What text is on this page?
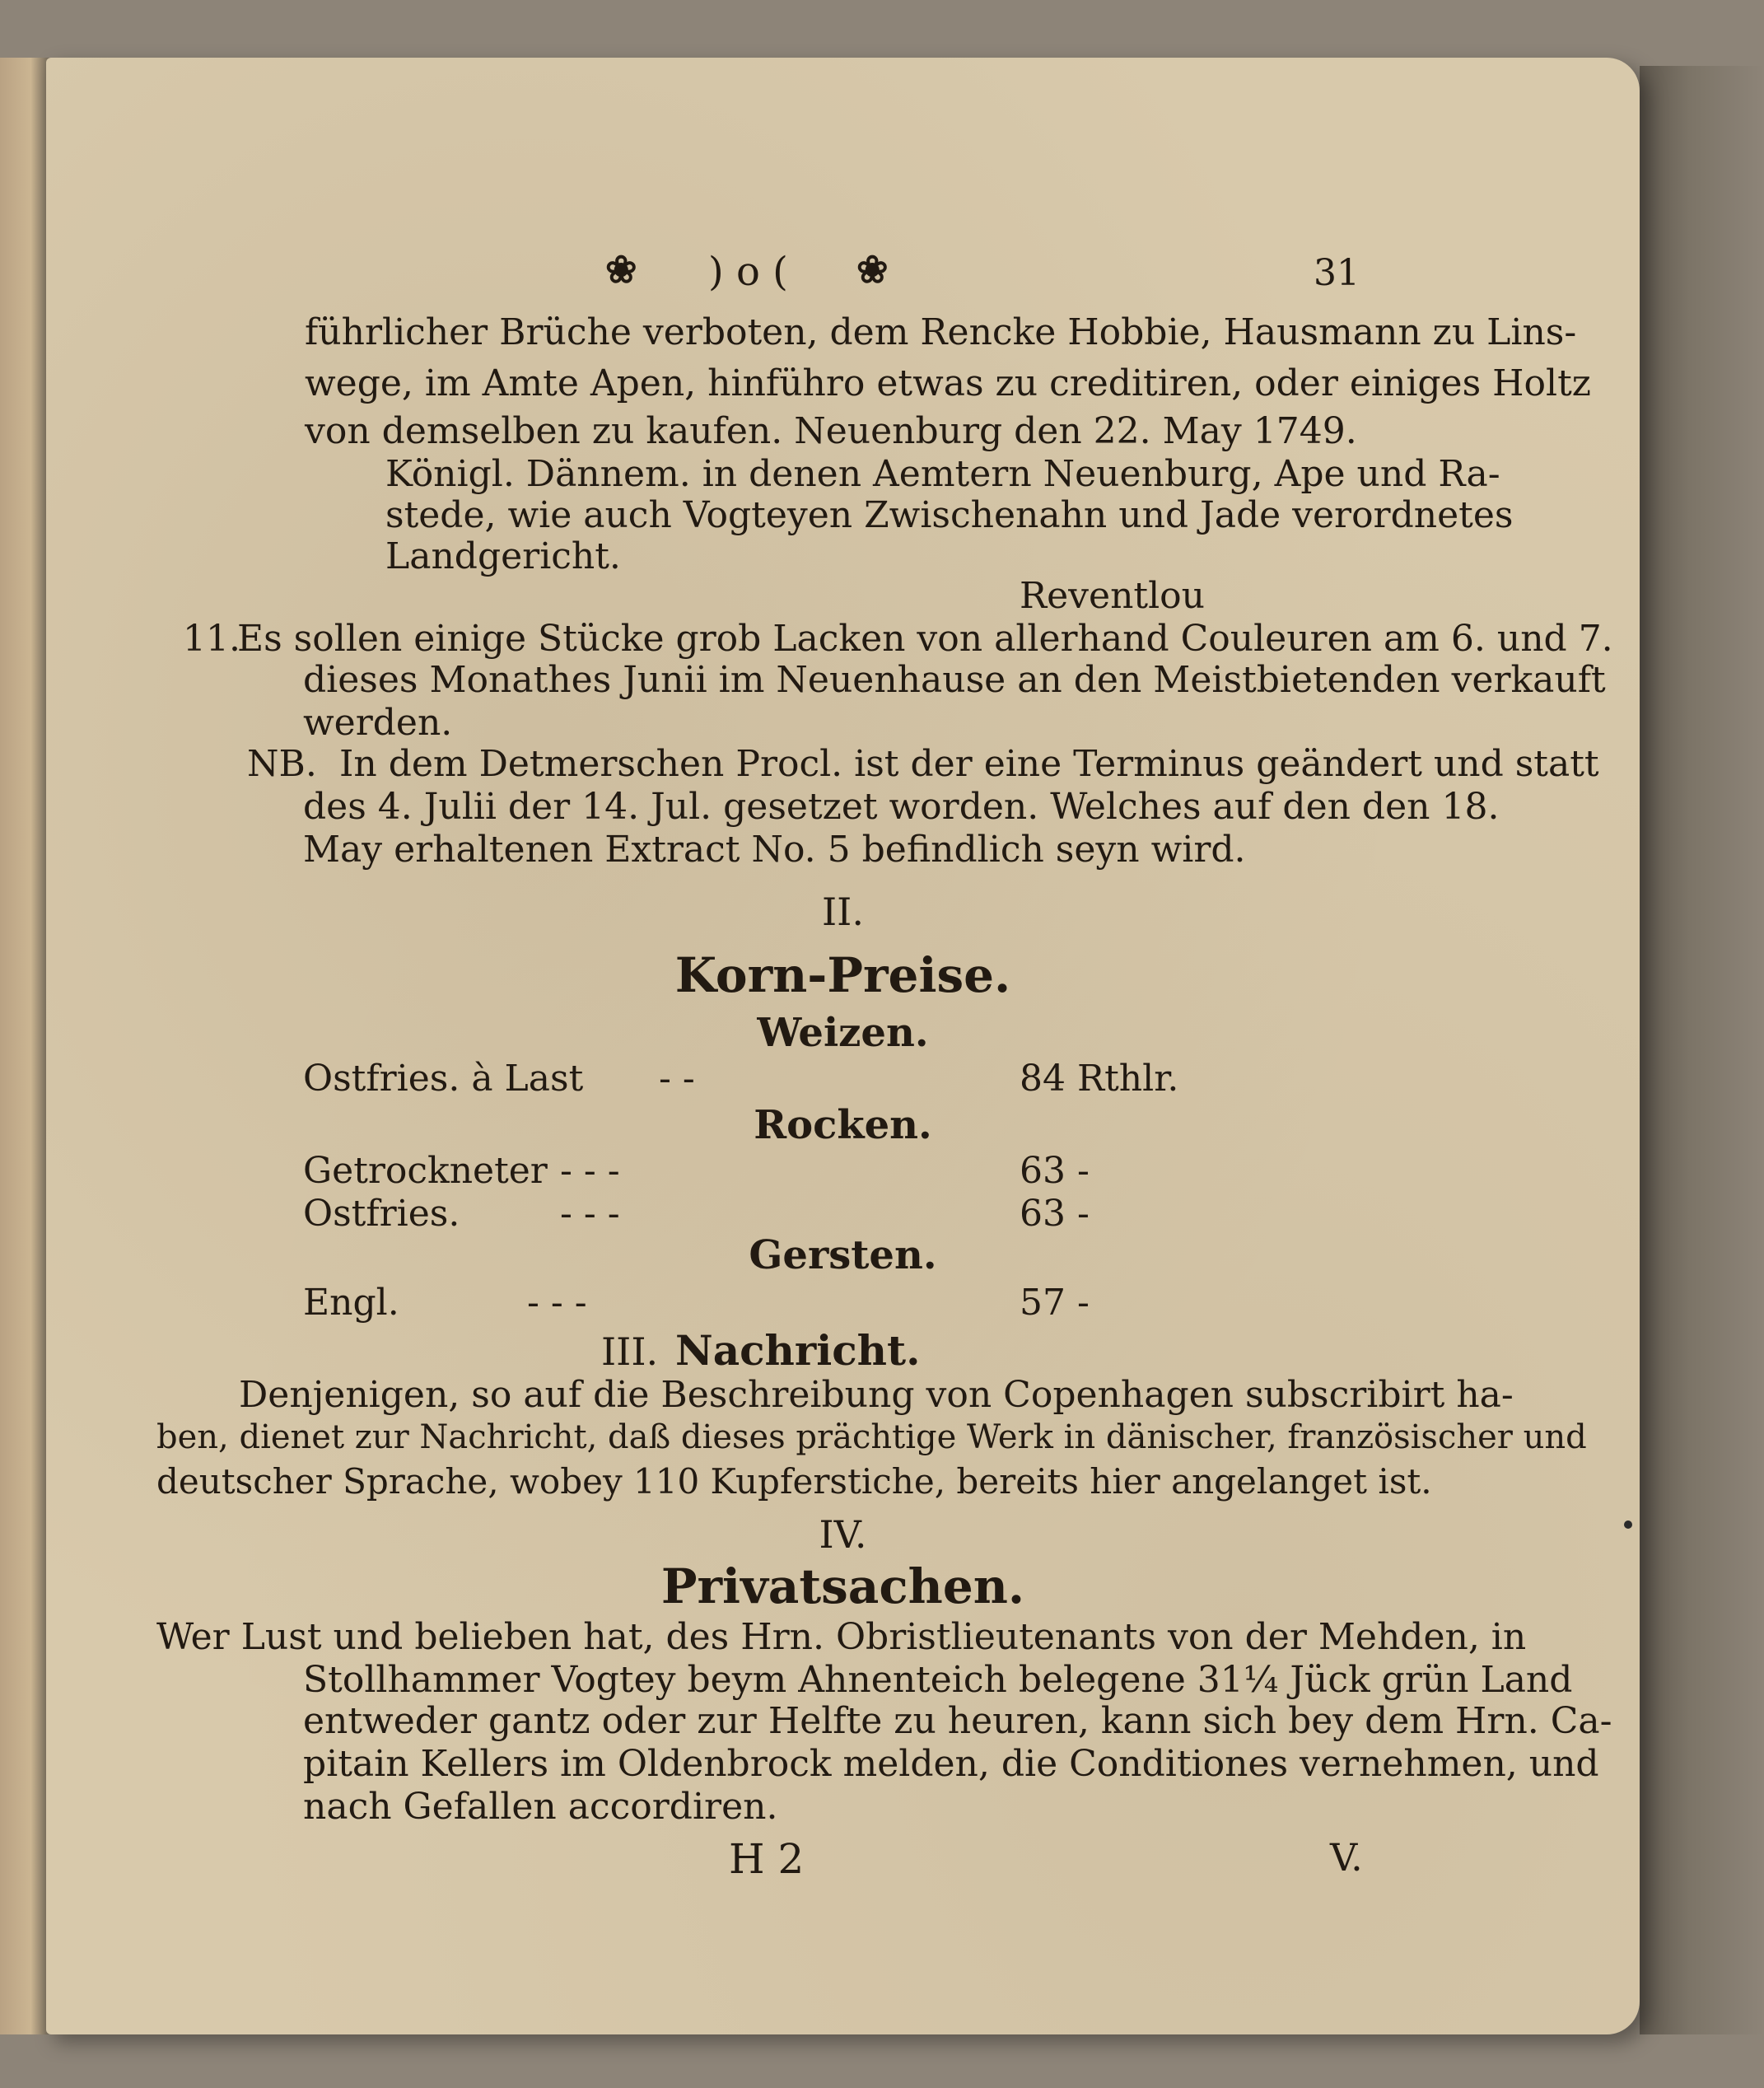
❀ ) o ( ❀	31
führlicher Brüche verboten, dem Rencke Hobbie, Hausmann zu Lins-
wege, im Amte Apen, hinführo etwas zu creditiren, oder einiges Holtz
von demselben zu kaufen. Neuenburg den 22. May 1749.
Königl. Dännem. in denen Aemtern Neuenburg, Ape und Ra-
stede, wie auch Vogteyen Zwischenahn und Jade verordnetes
Landgericht.
Reventlou
11.
Es sollen einige Stücke grob Lacken von allerhand Couleuren am 6. und 7.
dieses Monathes Junii im Neuenhause an den Meistbietenden verkauft
werden.
NB. In dem Detmerschen Procl. ist der eine Terminus geändert und statt
des 4. Julii der 14. Jul. gesetzet worden. Welches auf den den 18.
May erhaltenen Extract No. 5 befindlich seyn wird.
II.
Korn-Preise.
Weizen.
Ostfries. à Last - -	84 Rthlr.
Rocken.
Getrockneter - - -	63 -
Ostfries.	- - -	63 -
Gersten.
Engl.	- - -	57 -
III. Nachricht.
Denjenigen, so auf die Beschreibung von Copenhagen subscribirt ha-
ben, dienet zur Nachricht, daß dieses prächtige Werk in dänischer, französischer und
deutscher Sprache, wobey 110 Kupferstiche, bereits hier angelanget ist.
IV.
Privatsachen.
Wer Lust und belieben hat, des Hrn. Obristlieutenants von der Mehden, in
Stollhammer Vogtey beym Ahnenteich belegene 31¼ Jück grün Land
entweder gantz oder zur Helfte zu heuren, kann sich bey dem Hrn. Ca-
pitain Kellers im Oldenbrock melden, die Conditiones vernehmen, und
nach Gefallen accordiren.
H 2	V.
